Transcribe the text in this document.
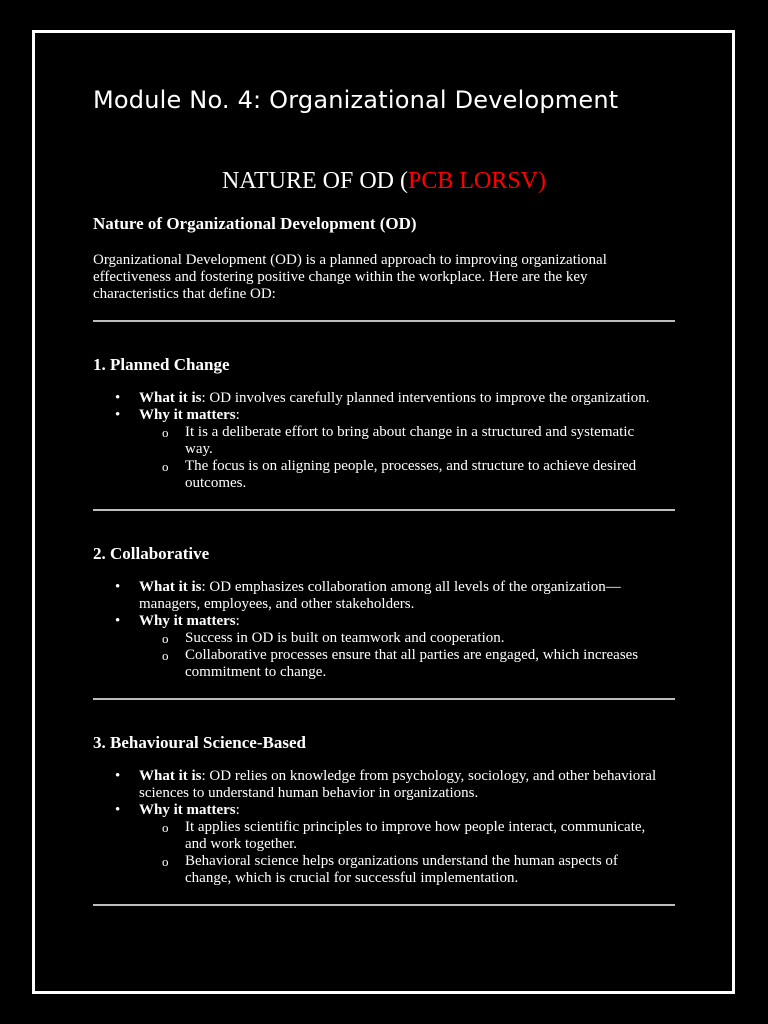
Module No. 4: Organizational Development
NATURE OF OD (PCB LORSV)
Nature of Organizational Development (OD)

Organizational Development (OD) is a planned approach to improving organizational effectiveness and fostering positive change within the workplace. Here are the key characteristics that define OD:

1. Planned Change
• What it is: OD involves carefully planned interventions to improve the organization.
• Why it matters:
o It is a deliberate effort to bring about change in a structured and systematic way.
o The focus is on aligning people, processes, and structure to achieve desired outcomes.
2. Collaborative
• What it is: OD emphasizes collaboration among all levels of the organization—managers, employees, and other stakeholders.
• Why it matters:
o Success in OD is built on teamwork and cooperation.
o Collaborative processes ensure that all parties are engaged, which increases commitment to change.
3. Behavioural Science-Based
• What it is: OD relies on knowledge from psychology, sociology, and other behavioral sciences to understand human behavior in organizations.
• Why it matters:
o It applies scientific principles to improve how people interact, communicate, and work together.
o Behavioral science helps organizations understand the human aspects of change, which is crucial for successful implementation.
